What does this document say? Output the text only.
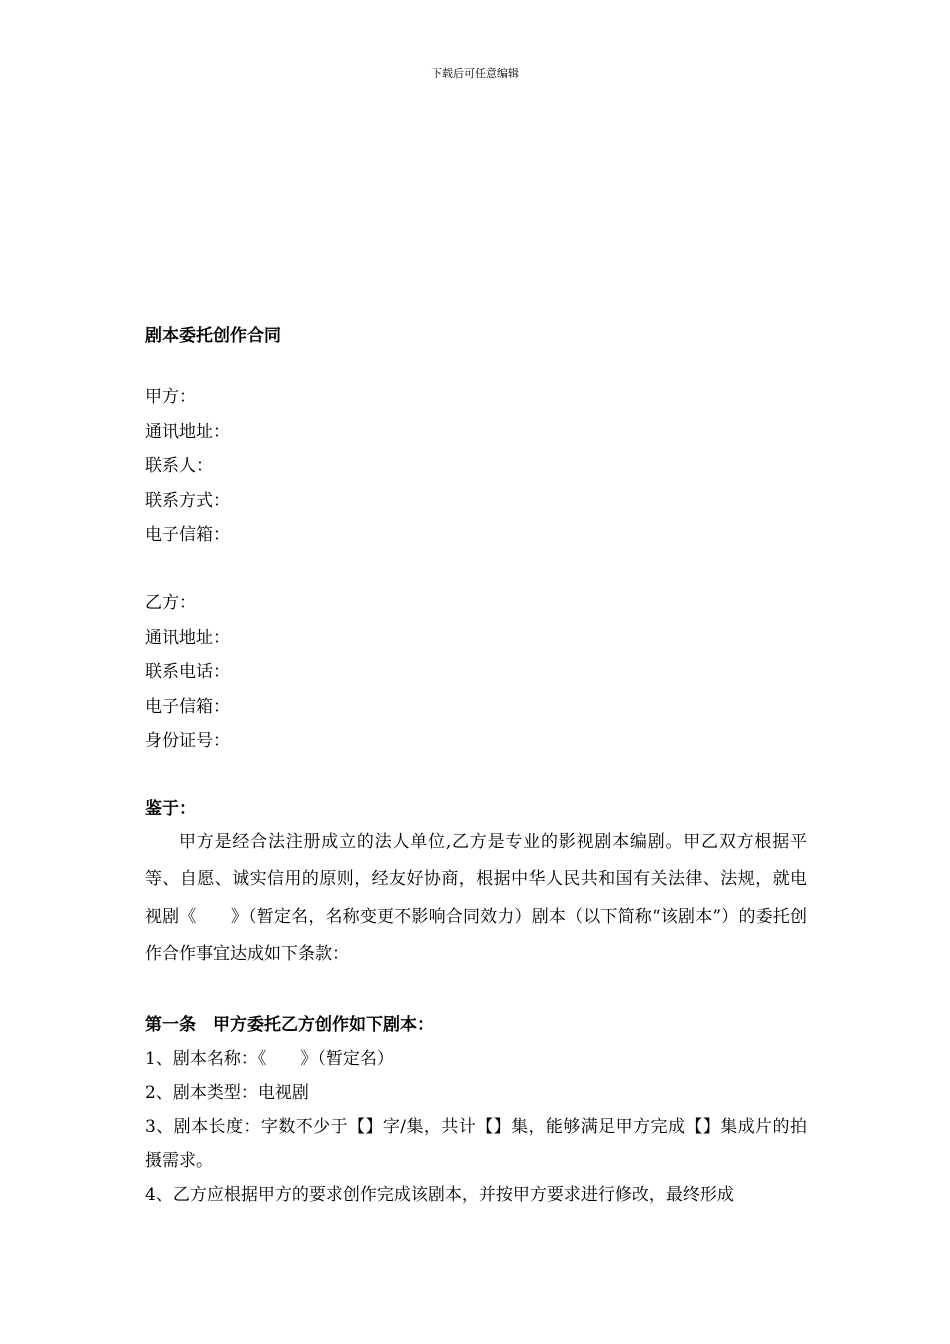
下载后可任意编辑
剧本委托创作合同
甲方：
通讯地址：
联系人：
联系方式：
电子信箱：
乙方：
通讯地址：
联系电话：
电子信箱：
身份证号：
鉴于：

甲方是经合法注册成立的法人单位,乙方是专业的影视剧本编剧。甲乙双方根据平等、自愿、诚实信用的原则，经友好协商，根据中华人民共和国有关法律、法规，就电视剧《　　》（暂定名，名称变更不影响合同效力）剧本（以下简称“该剧本”）的委托创作合作事宜达成如下条款：

第一条　甲方委托乙方创作如下剧本：
1、剧本名称：《　　》（暂定名）
2、剧本类型：电视剧

3、剧本长度：字数不少于【】字/集，共计【】集，能够满足甲方完成【】集成片的拍摄需求。

4、乙方应根据甲方的要求创作完成该剧本，并按甲方要求进行修改，最终形成
